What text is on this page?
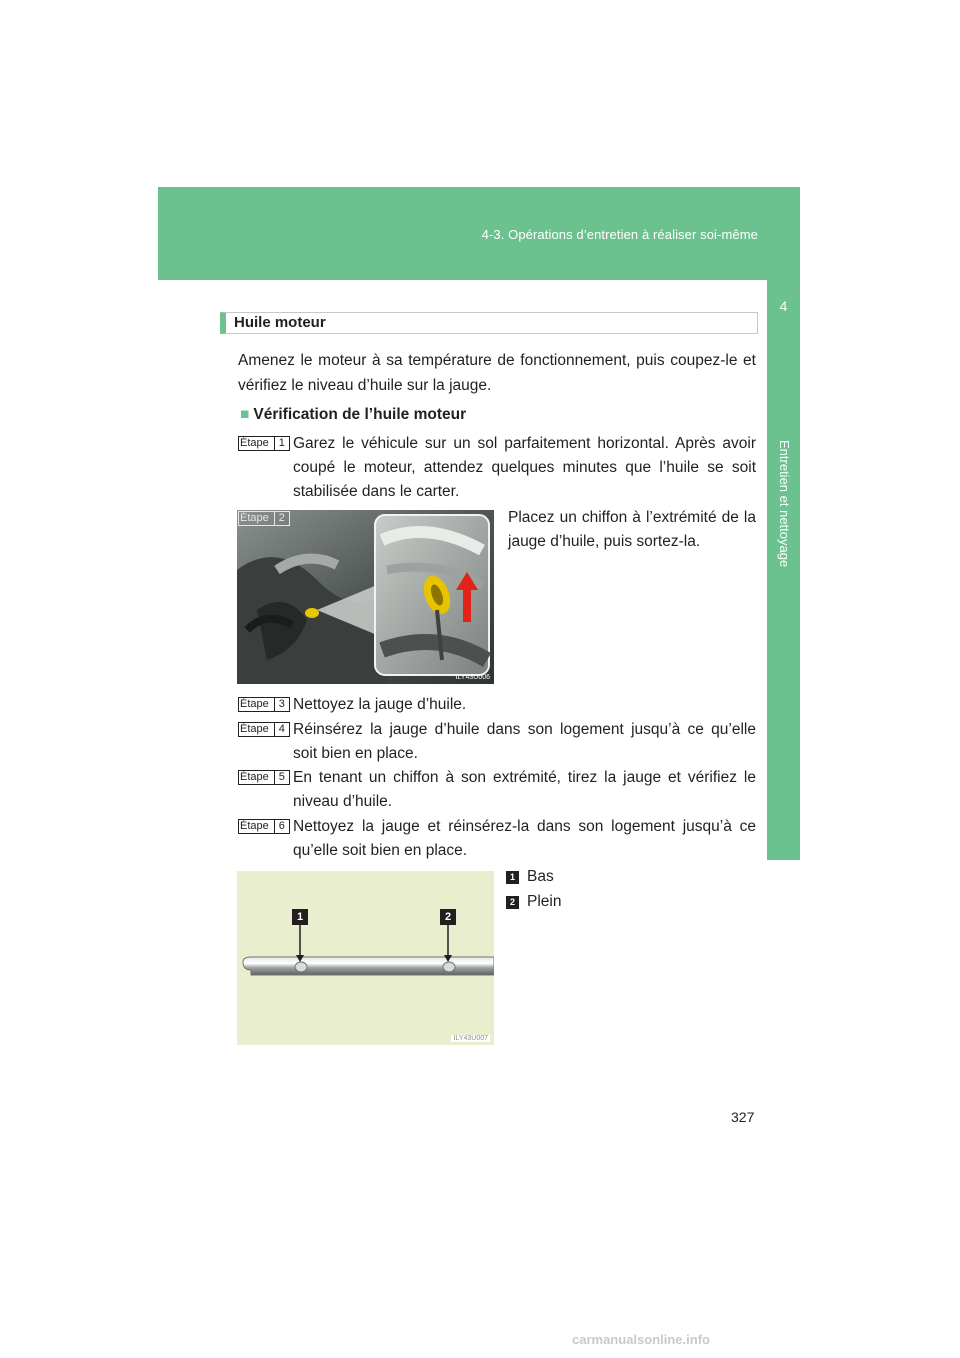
4-3. Opérations d’entretien à réaliser soi-même
4
Entretien et nettoyage
Huile moteur
Amenez le moteur à sa température de fonctionnement, puis coupez-le et vérifiez le niveau d’huile sur la jauge.
■ Vérification de l’huile moteur
Étape 1 Garez le véhicule sur un sol parfaitement horizontal. Après avoir coupé le moteur, attendez quelques minutes que l’huile se soit stabilisée dans le carter.
ILY43U006
Étape 2	Placez un chiffon à l’extrémité de la jauge d’huile, puis sortez-la.
Étape 3 Nettoyez la jauge d’huile.
Étape 4 Réinsérez la jauge d’huile dans son logement jusqu’à ce qu’elle soit bien en place.
Étape 5 En tenant un chiffon à son extrémité, tirez la jauge et vérifiez le niveau d’huile.
Étape 6 Nettoyez la jauge et réinsérez-la dans son logement jusqu’à ce qu’elle soit bien en place.
1	2
ILY43U007
1 Bas
2 Plein
327
carmanualsonline.info
